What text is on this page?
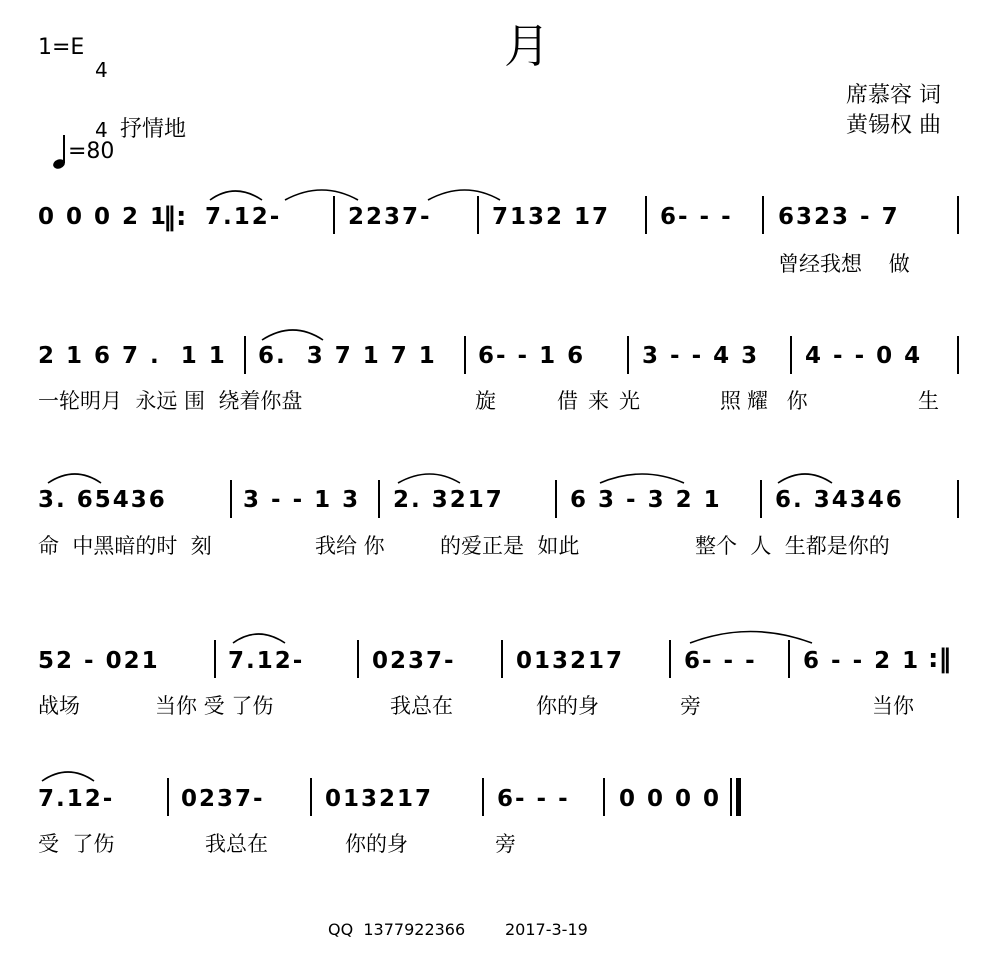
1=E

4

4

月
席慕容 词
黄锡权 曲

=80

抒情地
0 0 0 2 1
‖: 7.12-	2237-	7132 17 6- - - 6323 - 7
曾经我想    做
2 1 6 7 .  1 1 6.  3 7 1 7 1 6- - 1 6 3 - - 4 3 4 - - 0 4
一轮明月  永远 围  绕着你盘	旋	借来光	照耀 你	生
3. 65436	3 - - 1 3 2. 3217	6 3 - 3 2 1 6. 34346
命  中黑暗的时  刻	我给 你	的爱正是  如此	整个  人  生都是你的
52 - 021	7.12-	0237-	013217	6- - - 6 - - 2 1 :‖
战场	当你 受 了伤	我总在	你的身	旁	当你
7.12-	0237-	013217	6- - - 0 0 0 0
受  了伤	我总在	你的身	旁
QQ  1377922366 2017-3-19
